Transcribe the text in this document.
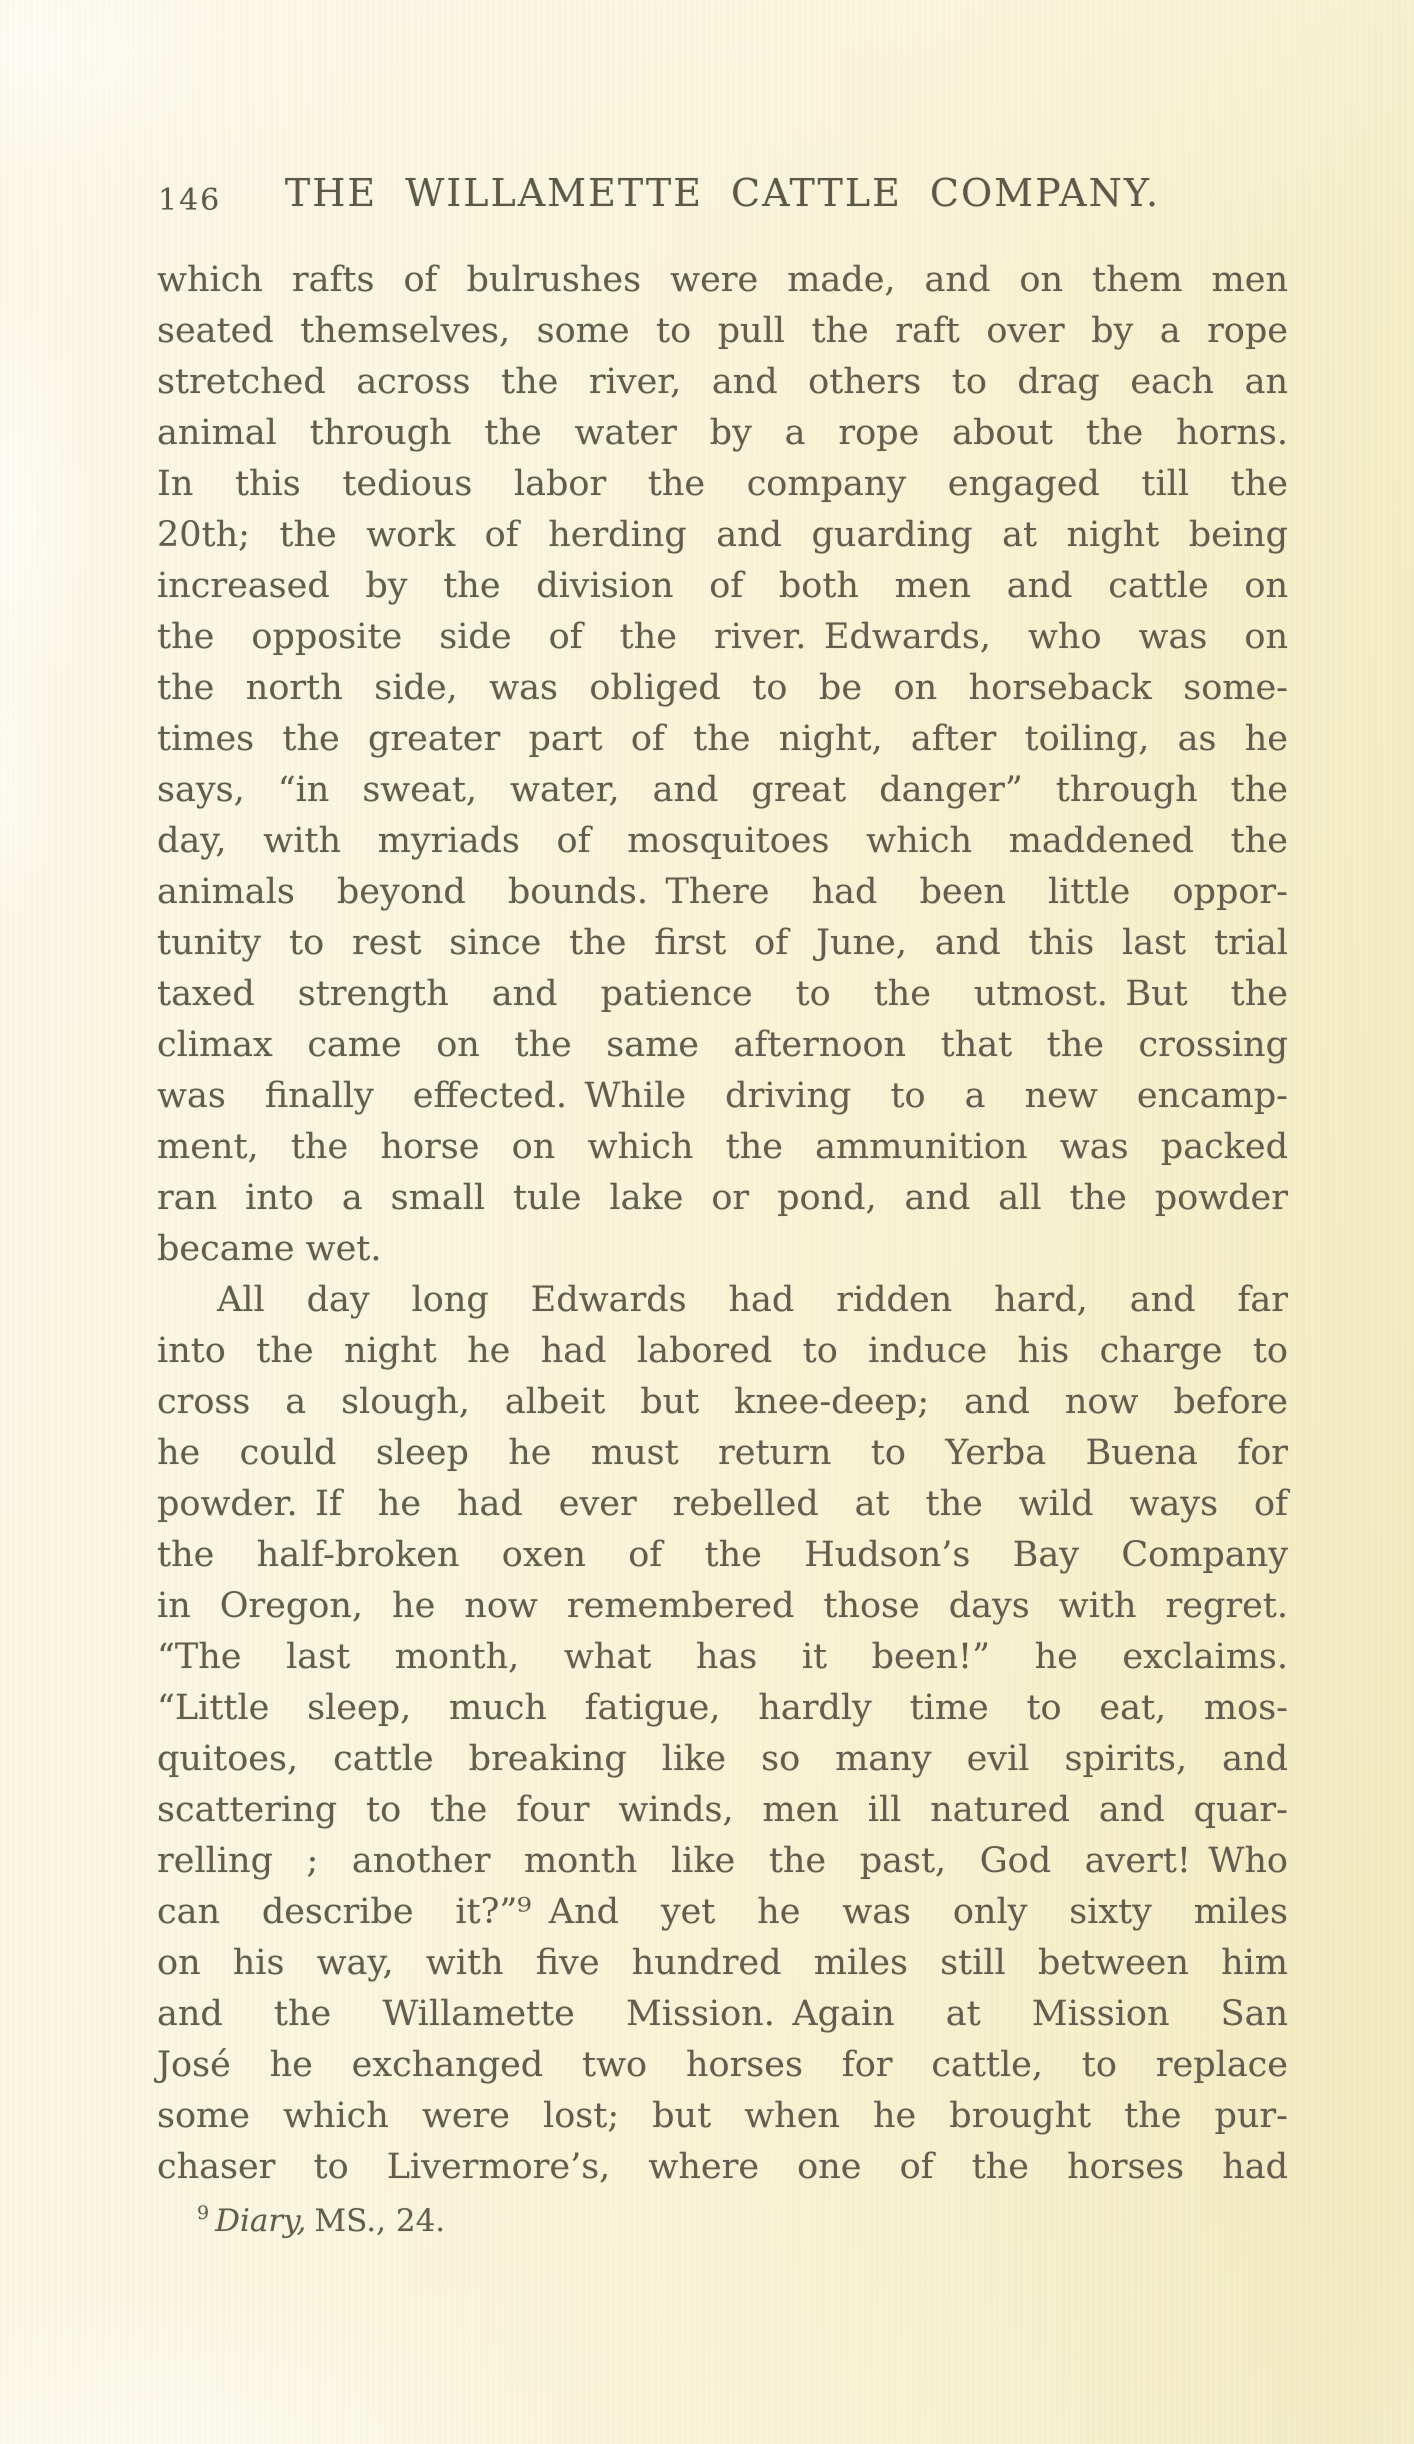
146	THE WILLAMETTE CATTLE COMPANY.
which rafts of bulrushes were made, and on them men
seated themselves, some to pull the raft over by a rope
stretched across the river, and others to drag each an
animal through the water by a rope about the horns.
In this tedious labor the company engaged till the
20th; the work of herding and guarding at night being
increased by the division of both men and cattle on
the opposite side of the river. Edwards, who was on
the north side, was obliged to be on horseback some-
times the greater part of the night, after toiling, as he
says, “in sweat, water, and great danger” through the
day, with myriads of mosquitoes which maddened the
animals beyond bounds. There had been little oppor-
tunity to rest since the first of June, and this last trial
taxed strength and patience to the utmost. But the
climax came on the same afternoon that the crossing
was finally effected. While driving to a new encamp-
ment, the horse on which the ammunition was packed
ran into a small tule lake or pond, and all the powder
became wet.
All day long Edwards had ridden hard, and far
into the night he had labored to induce his charge to
cross a slough, albeit but knee-deep; and now before
he could sleep he must return to Yerba Buena for
powder. If he had ever rebelled at the wild ways of
the half-broken oxen of the Hudson’s Bay Company
in Oregon, he now remembered those days with regret.
“The last month, what has it been!” he exclaims.
“Little sleep, much fatigue, hardly time to eat, mos-
quitoes, cattle breaking like so many evil spirits, and
scattering to the four winds, men ill natured and quar-
relling ; another month like the past, God avert! Who
can describe it?”⁹ And yet he was only sixty miles
on his way, with five hundred miles still between him
and the Willamette Mission. Again at Mission San
José he exchanged two horses for cattle, to replace
some which were lost; but when he brought the pur-
chaser to Livermore’s, where one of the horses had
$^9$ Diary, MS., 24.
